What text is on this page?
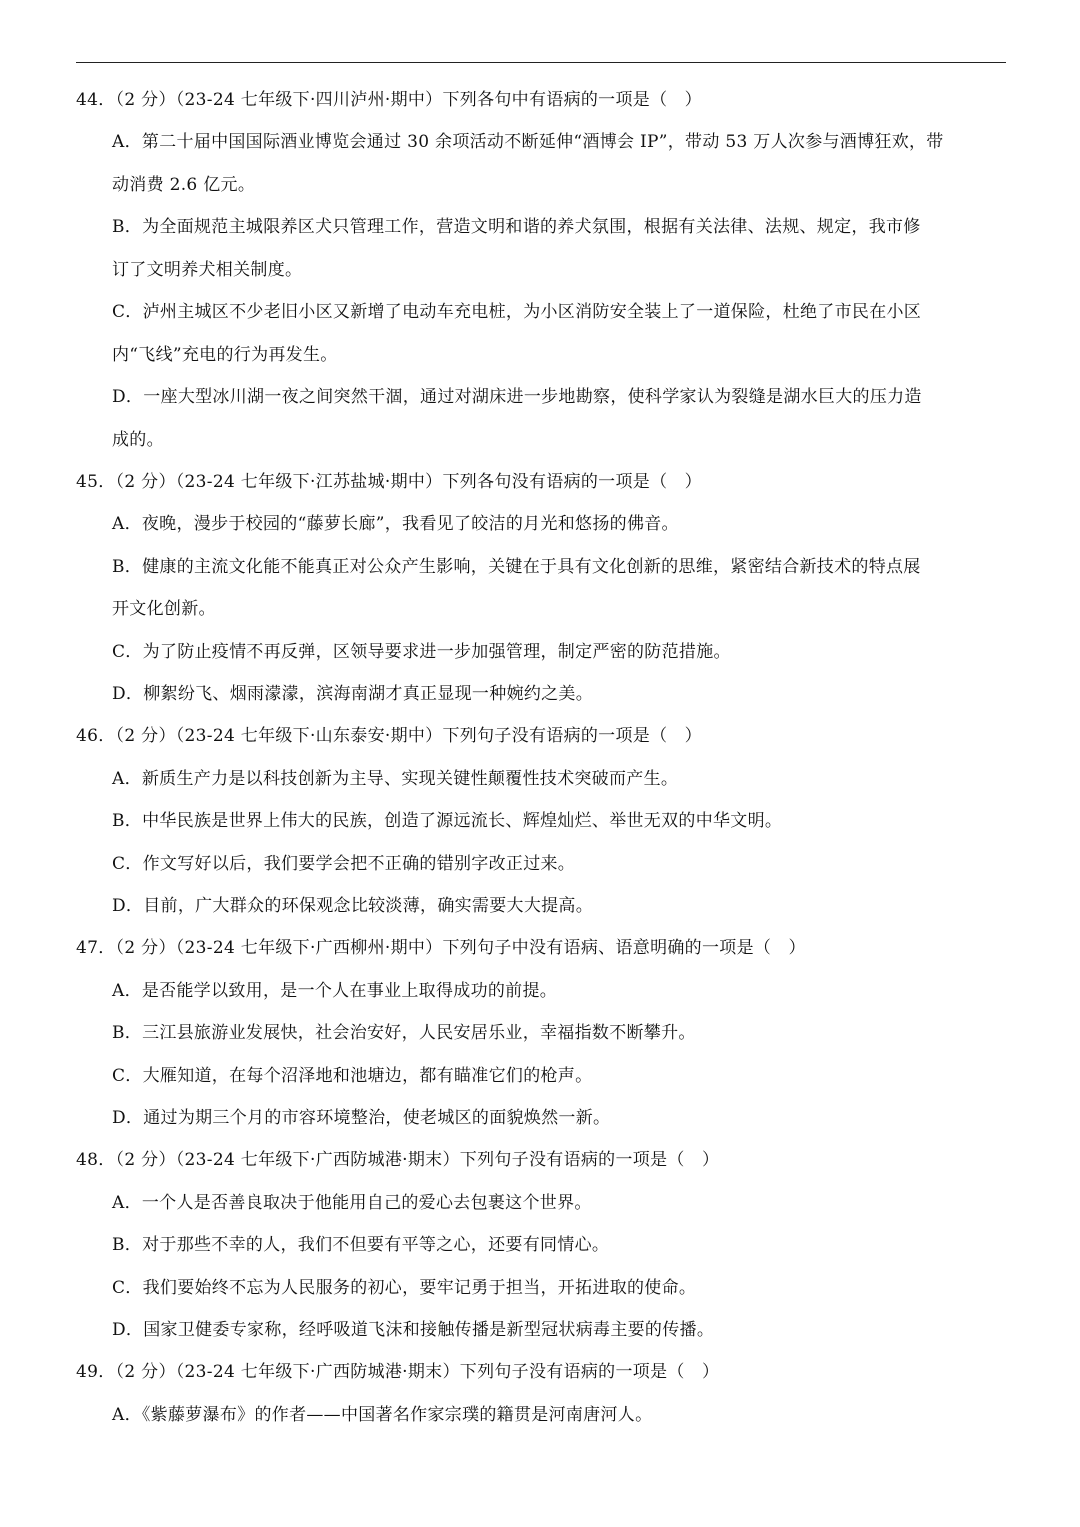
44．（2 分）（23-24 七年级下·四川泸州·期中）下列各句中有语病的一项是（　）
A．第二十届中国国际酒业博览会通过 30 余项活动不断延伸“酒博会 IP”，带动 53 万人次参与酒博狂欢，带
动消费 2.6 亿元。
B．为全面规范主城限养区犬只管理工作，营造文明和谐的养犬氛围，根据有关法律、法规、规定，我市修
订了文明养犬相关制度。
C．泸州主城区不少老旧小区又新增了电动车充电桩，为小区消防安全装上了一道保险，杜绝了市民在小区
内“飞线”充电的行为再发生。
D．一座大型冰川湖一夜之间突然干涸，通过对湖床进一步地勘察，使科学家认为裂缝是湖水巨大的压力造
成的。
45．（2 分）（23-24 七年级下·江苏盐城·期中）下列各句没有语病的一项是（　）
A．夜晚，漫步于校园的“藤萝长廊”，我看见了皎洁的月光和悠扬的佛音。
B．健康的主流文化能不能真正对公众产生影响，关键在于具有文化创新的思维，紧密结合新技术的特点展
开文化创新。
C．为了防止疫情不再反弹，区领导要求进一步加强管理，制定严密的防范措施。
D．柳絮纷飞、烟雨濛濛，滨海南湖才真正显现一种婉约之美。
46．（2 分）（23-24 七年级下·山东泰安·期中）下列句子没有语病的一项是（　）
A．新质生产力是以科技创新为主导、实现关键性颠覆性技术突破而产生。
B．中华民族是世界上伟大的民族，创造了源远流长、辉煌灿烂、举世无双的中华文明。
C．作文写好以后，我们要学会把不正确的错别字改正过来。
D．目前，广大群众的环保观念比较淡薄，确实需要大大提高。
47．（2 分）（23-24 七年级下·广西柳州·期中）下列句子中没有语病、语意明确的一项是（　）
A．是否能学以致用，是一个人在事业上取得成功的前提。
B．三江县旅游业发展快，社会治安好，人民安居乐业，幸福指数不断攀升。
C．大雁知道，在每个沼泽地和池塘边，都有瞄准它们的枪声。
D．通过为期三个月的市容环境整治，使老城区的面貌焕然一新。
48．（2 分）（23-24 七年级下·广西防城港·期末）下列句子没有语病的一项是（　）
A．一个人是否善良取决于他能用自己的爱心去包裹这个世界。
B．对于那些不幸的人，我们不但要有平等之心，还要有同情心。
C．我们要始终不忘为人民服务的初心，要牢记勇于担当，开拓进取的使命。
D．国家卫健委专家称，经呼吸道飞沫和接触传播是新型冠状病毒主要的传播。
49．（2 分）（23-24 七年级下·广西防城港·期末）下列句子没有语病的一项是（　）
A．《紫藤萝瀑布》的作者——中国著名作家宗璞的籍贯是河南唐河人。
